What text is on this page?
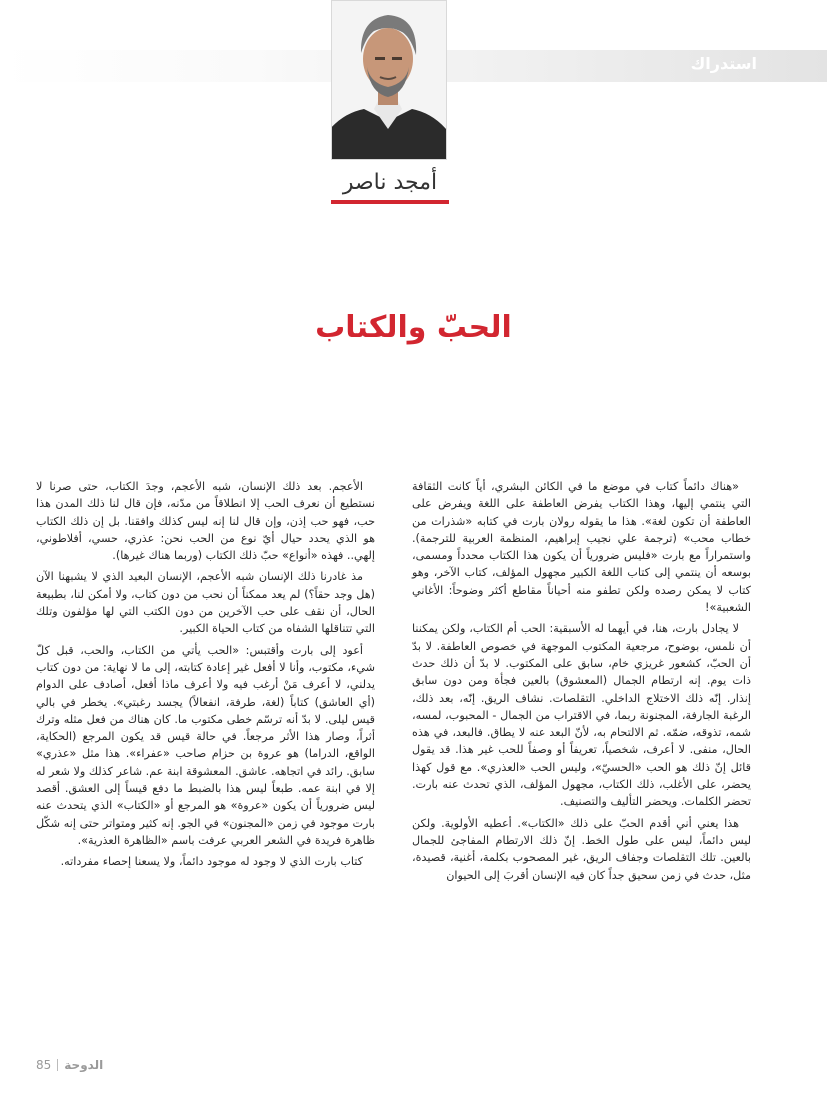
استدراك
أمجد ناصر
الحبّ والكتاب

«هناك دائماً كتاب في موضع ما في الكائن البشري، أياً كانت الثقافة التي ينتمي إليها، وهذا الكتاب يفرض العاطفة على اللغة ويفرض على العاطفة أن تكون لغة». هذا ما يقوله رولان بارت في كتابه «شذرات من خطاب محب» (ترجمة علي نجيب إبراهيم، المنظمة العربية للترجمة). واستمراراً مع بارت «فليس ضرورياً أن يكون هذا الكتاب محدداً ومسمى، بوسعه أن ينتمي إلى كتاب اللغة الكبير مجهول المؤلف، كتاب الآخر، وهو كتاب لا يمكن رصده ولكن تطفو منه أحياناً مقاطع أكثر وضوحاً: الأغاني الشعبية»!

لا يجادل بارت، هنا، في أيهما له الأسبقية: الحب أم الكتاب، ولكن يمكننا أن نلمس، بوضوح، مرجعية المكتوب الموجهة في خصوص العاطفة. لا بدّ أن الحبّ، كشعور غريزي خام، سابق على المكتوب. لا بدّ أن ذلك حدث ذات يوم. إنه ارتطام الجمال (المعشوق) بالعين فجأة ومن دون سابق إنذار. إنّه ذلك الاختلاج الداخلي. التقلصات. نشاف الريق. إنّه، بعد ذلك، الرغبة الجارفة، المجنونة ربما، في الاقتراب من الجمال - المحبوب، لمسه، شمه، تذوقه، ضمّه. ثم الالتحام به، لأنّ البعد عنه لا يطاق. فالبعد، في هذه الحال، منفى. لا أعرف، شخصياً، تعريفاً أو وصفاً للحب غير هذا. قد يقول قائل إنّ ذلك هو الحب «الحسيّ»، وليس الحب «العذري». مع قول كهذا يحضر، على الأغلب، ذلك الكتاب، مجهول المؤلف، الذي تحدث عنه بارت. تحضر الكلمات. ويحضر التأليف والتصنيف.

هذا يعني أني أقدم الحبّ على ذلك «الكتاب». أعطيه الأولوية. ولكن ليس دائماً، ليس على طول الخط. إنّ ذلك الارتطام المفاجئ للجمال بالعين. تلك التقلصات وجفاف الريق، غير المصحوب بكلمة، أغنية، قصيدة، مثل، حدث في زمن سحيق جداً كان فيه الإنسان أقربَ إلى الحيوان

الأعجم. بعد ذلك الإنسان، شبه الأعجم، وجدَ الكتاب، حتى صرنا لا نستطيع أن نعرف الحب إلا انطلاقاً من مدّنه، فإن قال لنا ذلك المدن هذا حب، فهو حب إذن، وإن قال لنا إنه ليس كذلك وافقنا. بل إن ذلك الكتاب هو الذي يحدد حيال أيّ نوع من الحب نحن: عذري، حسي، أفلاطوني، إلهي.. فهذه «أنواع» حبّ ذلك الكتاب (وربما هناك غيرها).

مذ غادرنا ذلك الإنسان شبه الأعجم، الإنسان البعيد الذي لا يشبهنا الآن (هل وجد حقاً؟) لم يعد ممكناً أن نحب من دون كتاب، ولا أمكن لنا، بطبيعة الحال، أن نقف على حب الآخرين من دون الكتب التي لها مؤلفون وتلك التي تتناقلها الشفاه من كتاب الحياة الكبير.

أعود إلى بارت وأقتبس: «الحب يأتي من الكتاب، والحب، قبل كلّ شيء، مكتوب، وأنا لا أفعل غير إعادة كتابته، إلى ما لا نهاية: من دون كتاب يدلني، لا أعرف مَنْ أرغب فيه ولا أعرف ماذا أفعل، أصادف على الدوام (أي العاشق) كتاباً (لغة، طرفة، انفعالاً) يجسد رغبتي». يخطر في بالي قيس ليلى. لا بدّ أنه ترسّم خطى مكتوب ما. كان هناك من فعل مثله وترك أثراً، وصار هذا الأثر مرجعاً. في حالة قيس قد يكون المرجع (الحكاية، الواقع، الدراما) هو عروة بن حزام صاحب «عفراء». هذا مثل «عذري» سابق. رائد في اتجاهه. عاشق. المعشوقة ابنة عم. شاعر كذلك ولا شعر له إلا في ابنة عمه. طبعاً ليس هذا بالضبط ما دفع قيساً إلى العشق. أقصد ليس ضرورياً أن يكون «عروة» هو المرجع أو «الكتاب» الذي يتحدث عنه بارت موجود في زمن «المجنون» في الجو. إنه كثير ومتواتر حتى إنه شكّل ظاهرة فريدة في الشعر العربي عرفت باسم «الظاهرة العذرية».

كتاب بارت الذي لا وجود له موجود دائماً، ولا يسعنا إحصاء مفرداته.

85 الدوحة
